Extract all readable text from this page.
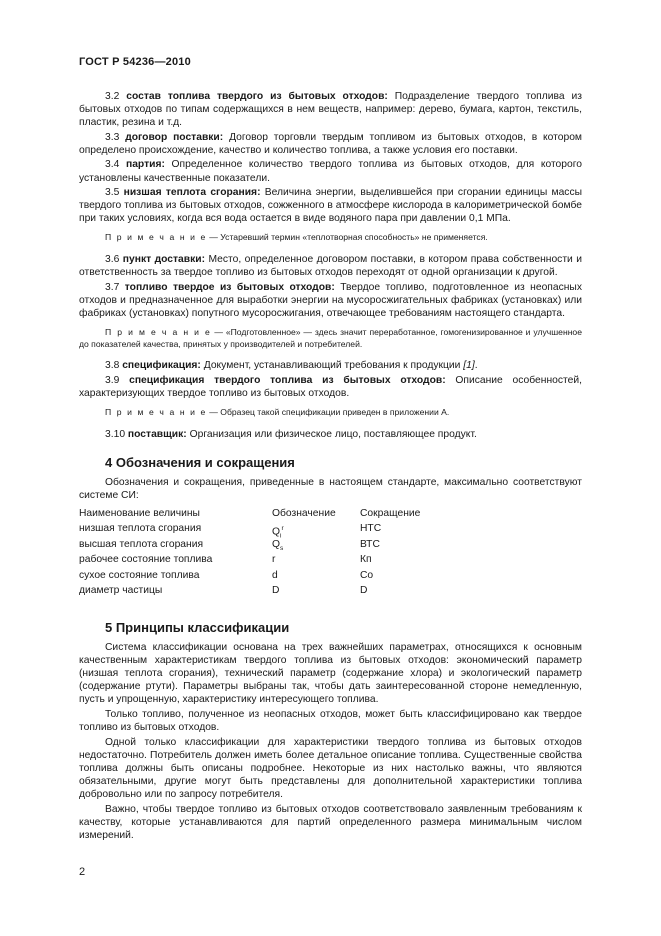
ГОСТ Р 54236—2010

3.2 состав топлива твердого из бытовых отходов: Подразделение твердого топлива из бытовых отходов по типам содержащихся в нем веществ, например: дерево, бумага, картон, текстиль, пластик, резина и т.д.

3.3 договор поставки: Договор торговли твердым топливом из бытовых отходов, в котором определено происхождение, качество и количество топлива, а также условия его поставки.

3.4 партия: Определенное количество твердого топлива из бытовых отходов, для которого установлены качественные показатели.

3.5 низшая теплота сгорания: Величина энергии, выделившейся при сгорании единицы массы твердого топлива из бытовых отходов, сожженного в атмосфере кислорода в калориметрической бомбе при таких условиях, когда вся вода остается в виде водяного пара при давлении 0,1 МПа.

П р и м е ч а н и е — Устаревший термин «теплотворная способность» не применяется.

3.6 пункт доставки: Место, определенное договором поставки, в котором права собственности и ответственность за твердое топливо из бытовых отходов переходят от одной организации к другой.

3.7 топливо твердое из бытовых отходов: Твердое топливо, подготовленное из неопасных отходов и предназначенное для выработки энергии на мусоросжигательных фабриках (установках) или фабриках (установках) попутного мусоросжигания, отвечающее требованиям настоящего стандарта.

П р и м е ч а н и е — «Подготовленное» — здесь значит переработанное, гомогенизированное и улучшенное до показателей качества, принятых у производителей и потребителей.

3.8 спецификация: Документ, устанавливающий требования к продукции [1].

3.9 спецификация твердого топлива из бытовых отходов: Описание особенностей, характеризующих твердое топливо из бытовых отходов.

П р и м е ч а н и е — Образец такой спецификации приведен в приложении А.

3.10 поставщик: Организация или физическое лицо, поставляющее продукт.

4 Обозначения и сокращения

Обозначения и сокращения, приведенные в настоящем стандарте, максимально соответствуют системе СИ:

Наименование величины	Обозначение	Сокращение
низшая теплота сгорания	$Q_i^r$	НТС
высшая теплота сгорания	$Q_s$	ВТС
рабочее состояние топлива	r	Кп
сухое состояние топлива	d	Со
диаметр частицы	D	D
5 Принципы классификации

Система классификации основана на трех важнейших параметрах, относящихся к основным качественным характеристикам твердого топлива из бытовых отходов: экономический параметр (низшая теплота сгорания), технический параметр (содержание хлора) и экологический параметр (содержание ртути). Параметры выбраны так, чтобы дать заинтересованной стороне немедленную, пусть и упрощенную, характеристику интересующего топлива.

Только топливо, полученное из неопасных отходов, может быть классифицировано как твердое топливо из бытовых отходов.

Одной только классификации для характеристики твердого топлива из бытовых отходов недостаточно. Потребитель должен иметь более детальное описание топлива. Существенные свойства топлива должны быть описаны подробнее. Некоторые из них настолько важны, что являются обязательными, другие могут быть представлены для дополнительной характеристики топлива добровольно или по запросу потребителя.

Важно, чтобы твердое топливо из бытовых отходов соответствовало заявленным требованиям к качеству, которые устанавливаются для партий определенного размера минимальным числом измерений.

2
